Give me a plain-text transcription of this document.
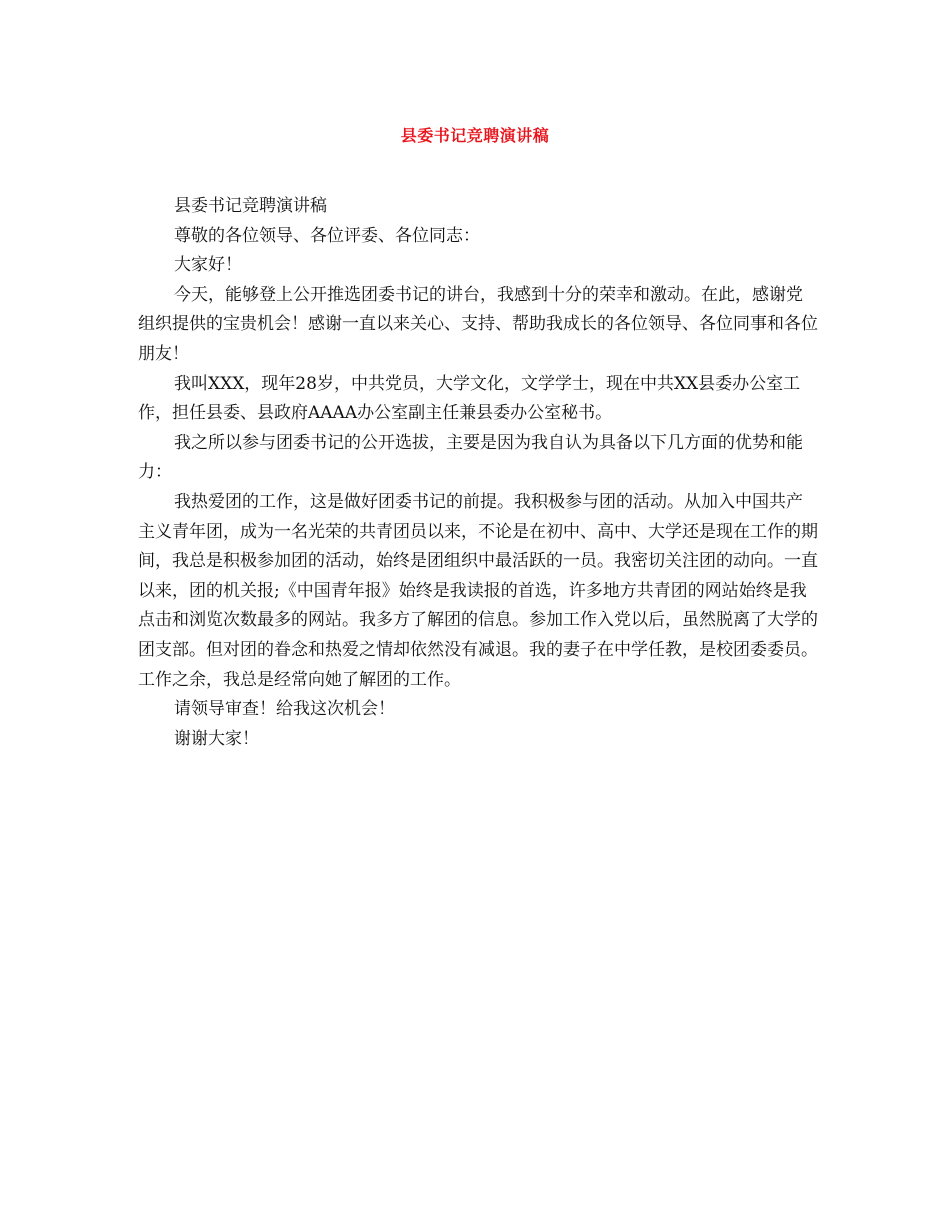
县委书记竞聘演讲稿

县委书记竞聘演讲稿

尊敬的各位领导、各位评委、各位同志：

大家好！

今天，能够登上公开推选团委书记的讲台，我感到十分的荣幸和激动。在此，感谢党组织提供的宝贵机会！感谢一直以来关心、支持、帮助我成长的各位领导、各位同事和各位朋友！

我叫XXX，现年28岁，中共党员，大学文化，文学学士，现在中共XX县委办公室工作，担任县委、县政府AAAA办公室副主任兼县委办公室秘书。

我之所以参与团委书记的公开选拔，主要是因为我自认为具备以下几方面的优势和能力：

我热爱团的工作，这是做好团委书记的前提。我积极参与团的活动。从加入中国共产主义青年团，成为一名光荣的共青团员以来，不论是在初中、高中、大学还是现在工作的期间，我总是积极参加团的活动，始终是团组织中最活跃的一员。我密切关注团的动向。一直以来，团的机关报;《中国青年报》始终是我读报的首选，许多地方共青团的网站始终是我点击和浏览次数最多的网站。我多方了解团的信息。参加工作入党以后，虽然脱离了大学的团支部。但对团的眷念和热爱之情却依然没有减退。我的妻子在中学任教，是校团委委员。工作之余，我总是经常向她了解团的工作。

请领导审查！给我这次机会！

谢谢大家！
